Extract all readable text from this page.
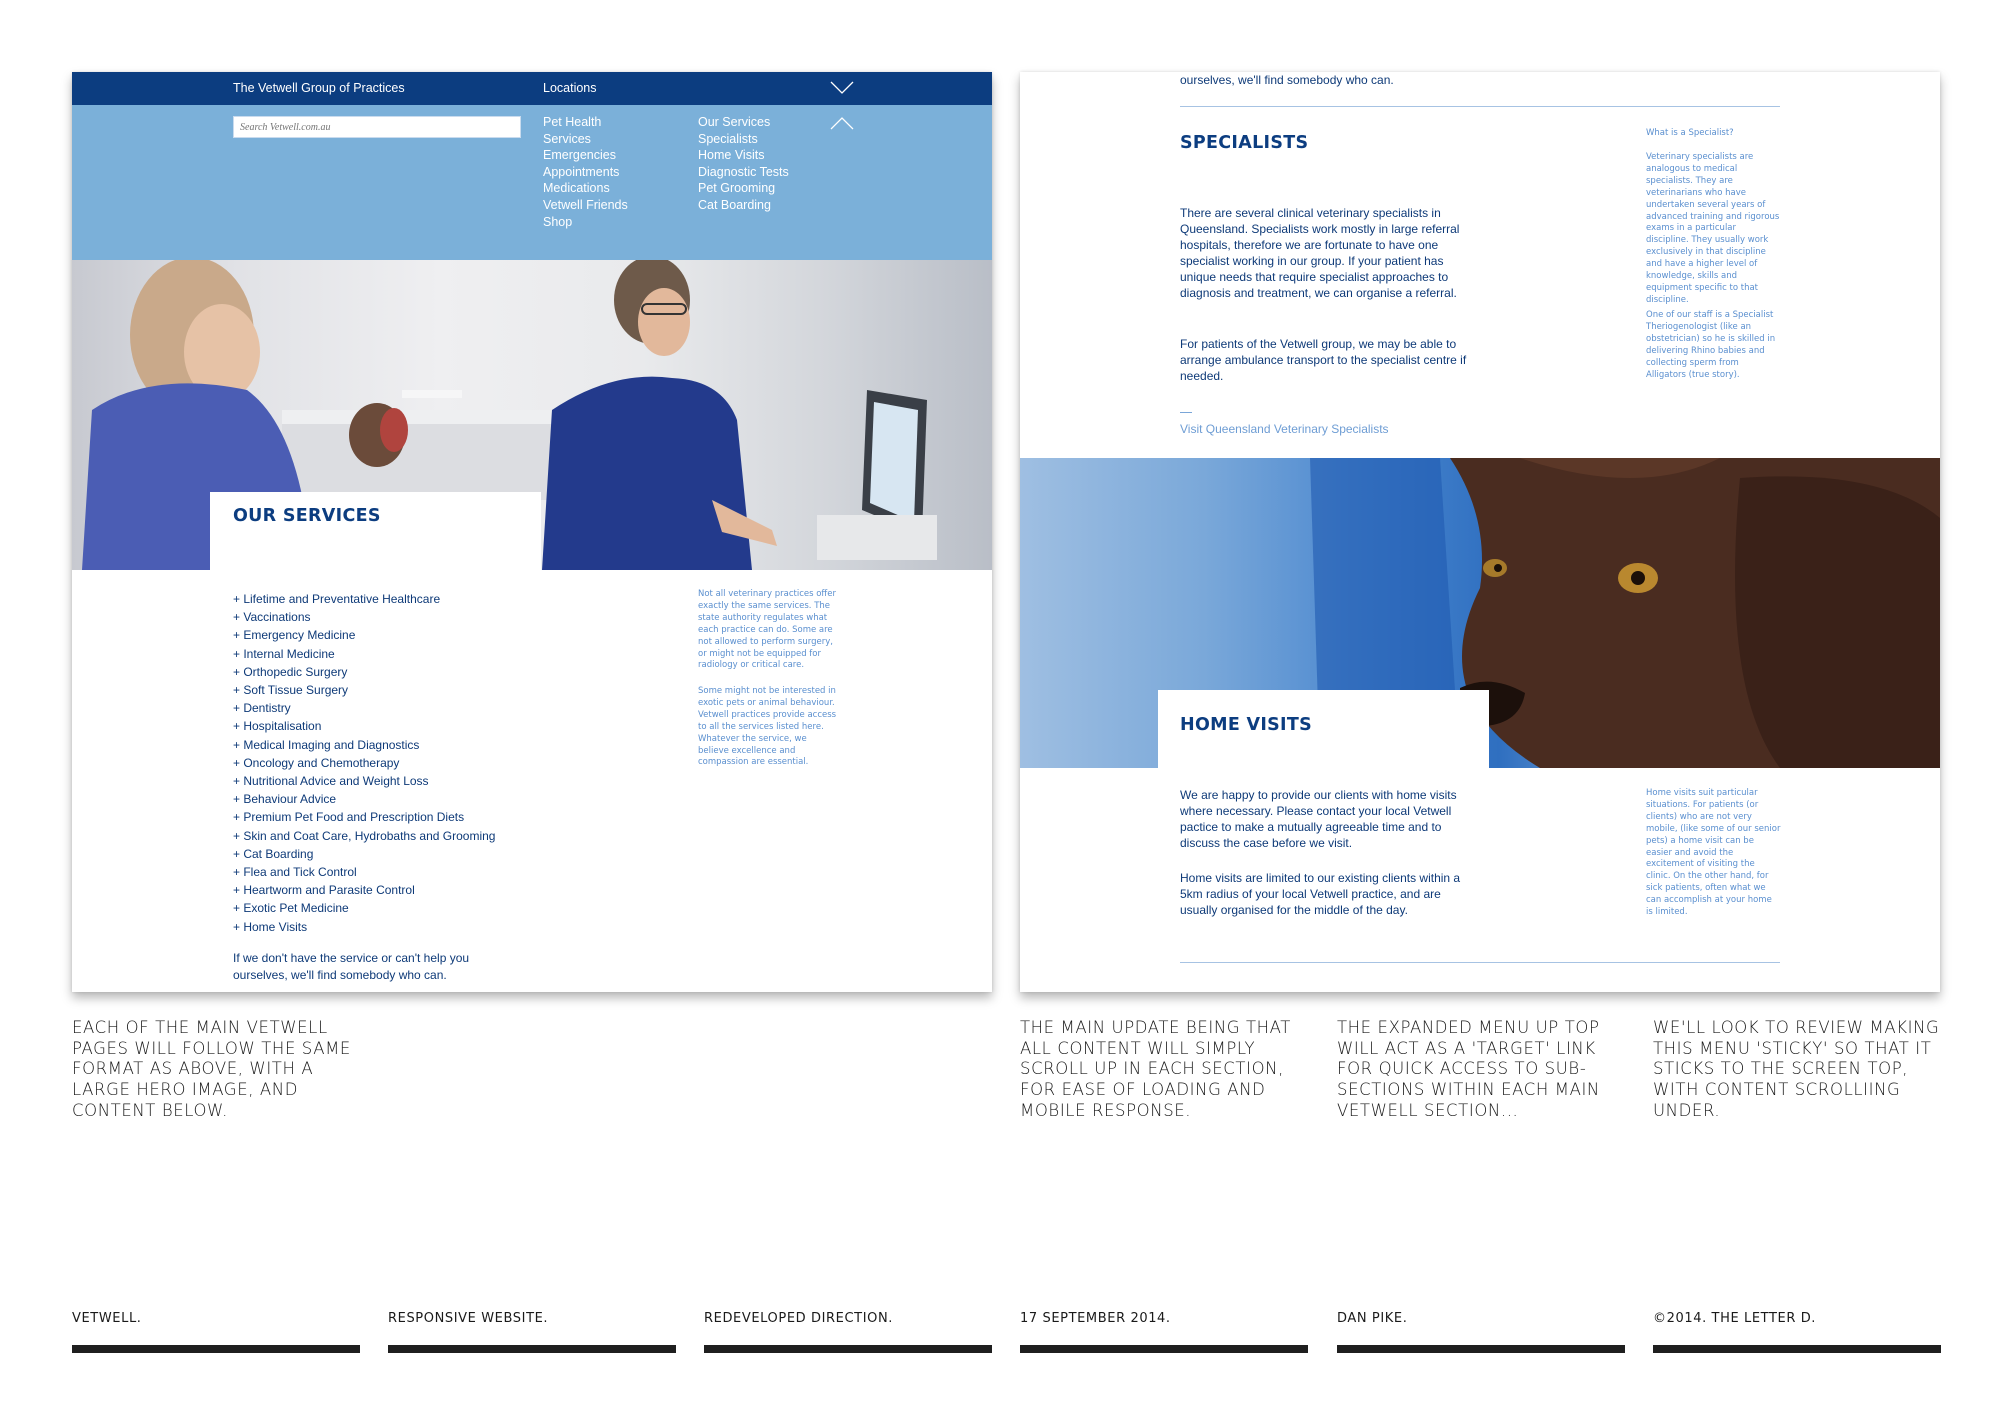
The Vetwell Group of Practices	Locations
Search Vetwell.com.au
Pet Health
Services
Emergencies
Appointments
Medications
Vetwell Friends
Shop
Our Services
Specialists
Home Visits
Diagnostic Tests
Pet Grooming
Cat Boarding
OUR SERVICES
+ Lifetime and Preventative Healthcare
+ Vaccinations
+ Emergency Medicine
+ Internal Medicine
+ Orthopedic Surgery
+ Soft Tissue Surgery
+ Dentistry
+ Hospitalisation
+ Medical Imaging and Diagnostics
+ Oncology and Chemotherapy
+ Nutritional Advice and Weight Loss
+ Behaviour Advice
+ Premium Pet Food and Prescription Diets
+ Skin and Coat Care, Hydrobaths and Grooming
+ Cat Boarding
+ Flea and Tick Control
+ Heartworm and Parasite Control
+ Exotic Pet Medicine
+ Home Visits

If we don't have the service or can't help you ourselves, we'll find somebody who can.

Not all veterinary practices offer exactly the same services. The state authority regulates what each practice can do. Some are not allowed to perform surgery, or might not be equipped for radiology or critical care.

Some might not be interested in exotic pets or animal behaviour. Vetwell practices provide access to all the services listed here. Whatever the service, we believe excellence and compassion are essential.

ourselves, we'll find somebody who can.

SPECIALISTS

There are several clinical veterinary specialists in Queensland. Specialists work mostly in large referral hospitals, therefore we are fortunate to have one specialist working in our group. If your patient has unique needs that require specialist approaches to diagnosis and treatment, we can organise a referral.

For patients of the Vetwell group, we may be able to arrange ambulance transport to the specialist centre if needed.

Visit Queensland Veterinary Specialists

What is a Specialist?

Veterinary specialists are analogous to medical specialists. They are veterinarians who have undertaken several years of advanced training and rigorous exams in a particular discipline. They usually work exclusively in that discipline and have a higher level of knowledge, skills and equipment specific to that discipline.

One of our staff is a Specialist Theriogenologist (like an obstetrician) so he is skilled in delivering Rhino babies and collecting sperm from Alligators (true story).

HOME VISITS

We are happy to provide our clients with home visits where necessary. Please contact your local Vetwell pactice to make a mutually agreeable time and to discuss the case before we visit.

Home visits are limited to our existing clients within a 5km radius of your local Vetwell practice, and are usually organised for the middle of the day.

Home visits suit particular situations. For patients (or clients) who are not very mobile, (like some of our senior pets) a home visit can be easier and avoid the excitement of visiting the clinic. On the other hand, for sick patients, often what we can accomplish at your home is limited.

EACH OF THE MAIN VETWELL PAGES WILL FOLLOW THE SAME FORMAT AS ABOVE, WITH A LARGE HERO IMAGE, AND CONTENT BELOW.

THE MAIN UPDATE BEING THAT ALL CONTENT WILL SIMPLY SCROLL UP IN EACH SECTION, FOR EASE OF LOADING AND MOBILE RESPONSE.

THE EXPANDED MENU UP TOP WILL ACT AS A 'TARGET' LINK FOR QUICK ACCESS TO SUB-SECTIONS WITHIN EACH MAIN VETWELL SECTION...

WE'LL LOOK TO REVIEW MAKING THIS MENU 'STICKY' SO THAT IT STICKS TO THE SCREEN TOP, WITH CONTENT SCROLLIING UNDER.

VETWELL.	RESPONSIVE WEBSITE.	REDEVELOPED DIRECTION.	17 SEPTEMBER 2014.	DAN PIKE.	©2014. THE LETTER D.
